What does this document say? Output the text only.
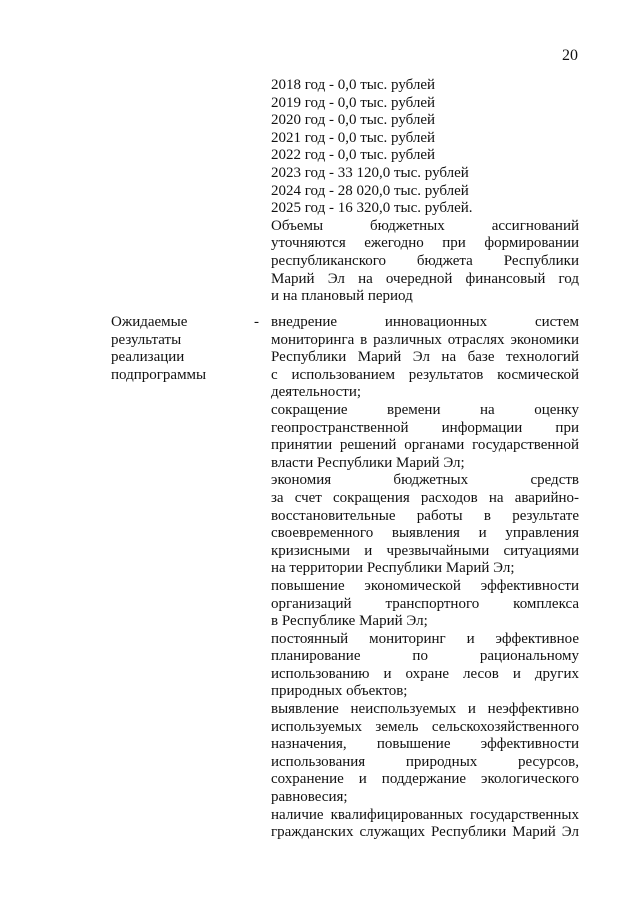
20
2018 год - 0,0 тыс. рублей
2019 год - 0,0 тыс. рублей
2020 год - 0,0 тыс. рублей
2021 год - 0,0 тыс. рублей
2022 год - 0,0 тыс. рублей
2023 год - 33 120,0 тыс. рублей
2024 год - 28 020,0 тыс. рублей
2025 год - 16 320,0 тыс. рублей.
Объемы бюджетных ассигнований
уточняются ежегодно при формировании
республиканского бюджета Республики
Марий Эл на очередной финансовый год
и на плановый период
Ожидаемые
результаты
реализации
подпрограммы
- внедрение инновационных систем
мониторинга в различных отраслях экономики
Республики Марий Эл на базе технологий
с использованием результатов космической
деятельности;
сокращение времени на оценку
геопространственной информации при
принятии решений органами государственной
власти Республики Марий Эл;
экономия бюджетных средств
за счет сокращения расходов на аварийно-
восстановительные работы в результате
своевременного выявления и управления
кризисными и чрезвычайными ситуациями
на территории Республики Марий Эл;
повышение экономической эффективности
организаций транспортного комплекса
в Республике Марий Эл;
постоянный мониторинг и эффективное
планирование по рациональному
использованию и охране лесов и других
природных объектов;
выявление неиспользуемых и неэффективно
используемых земель сельскохозяйственного
назначения, повышение эффективности
использования природных ресурсов,
сохранение и поддержание экологического
равновесия;
наличие квалифицированных государственных
гражданских служащих Республики Марий Эл
